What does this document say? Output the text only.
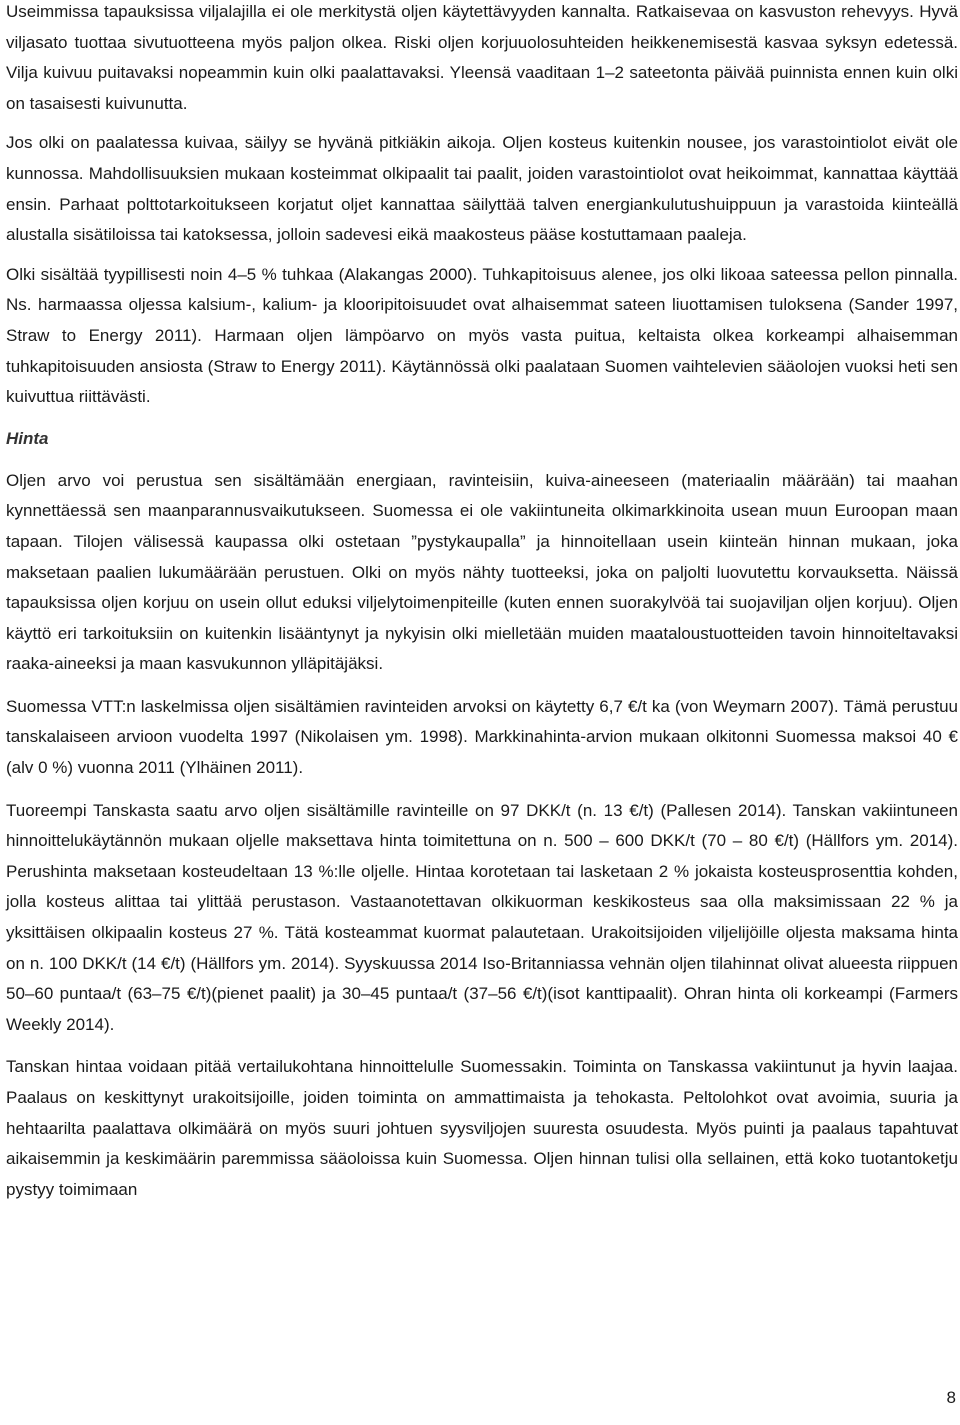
Useimmissa tapauksissa viljalajilla ei ole merkitystä oljen käytettävyyden kannalta. Ratkaisevaa on kasvuston rehevyys. Hyvä viljasato tuottaa sivutuotteena myös paljon olkea. Riski oljen korjuuolosuhteiden heikkenemisestä kasvaa syksyn edetessä. Vilja kuivuu puitavaksi nopeammin kuin olki paalattavaksi. Yleensä vaaditaan 1–2 sateetonta päivää puinnista ennen kuin olki on tasaisesti kuivunutta.

Jos olki on paalatessa kuivaa, säilyy se hyvänä pitkiäkin aikoja. Oljen kosteus kuitenkin nousee, jos varastointiolot eivät ole kunnossa. Mahdollisuuksien mukaan kosteimmat olkipaalit tai paalit, joiden varastointiolot ovat heikoimmat, kannattaa käyttää ensin. Parhaat polttotarkoitukseen korjatut oljet kannattaa säilyttää talven energiankulutushuippuun ja varastoida kiinteällä alustalla sisätiloissa tai katoksessa, jolloin sadevesi eikä maakosteus pääse kostuttamaan paaleja.

Olki sisältää tyypillisesti noin 4–5 % tuhkaa (Alakangas 2000). Tuhkapitoisuus alenee, jos olki likoaa sateessa pellon pinnalla. Ns. harmaassa oljessa kalsium-, kalium- ja klooripitoisuudet ovat alhaisemmat sateen liuottamisen tuloksena (Sander 1997, Straw to Energy 2011). Harmaan oljen lämpöarvo on myös vasta puitua, keltaista olkea korkeampi alhaisemman tuhkapitoisuuden ansiosta (Straw to Energy 2011). Käytännössä olki paalataan Suomen vaihtelevien sääolojen vuoksi heti sen kuivuttua riittävästi.

Hinta

Oljen arvo voi perustua sen sisältämään energiaan, ravinteisiin, kuiva-aineeseen (materiaalin määrään) tai maahan kynnettäessä sen maanparannusvaikutukseen. Suomessa ei ole vakiintuneita olkimarkkinoita usean muun Euroopan maan tapaan. Tilojen välisessä kaupassa olki ostetaan ”pystykaupalla” ja hinnoitellaan usein kiinteän hinnan mukaan, joka maksetaan paalien lukumäärään perustuen. Olki on myös nähty tuotteeksi, joka on paljolti luovutettu korvauksetta. Näissä tapauksissa oljen korjuu on usein ollut eduksi viljelytoimenpiteille (kuten ennen suorakylvöä tai suojaviljan oljen korjuu). Oljen käyttö eri tarkoituksiin on kuitenkin lisääntynyt ja nykyisin olki mielletään muiden maataloustuotteiden tavoin hinnoiteltavaksi raaka-aineeksi ja maan kasvukunnon ylläpitäjäksi.

Suomessa VTT:n laskelmissa oljen sisältämien ravinteiden arvoksi on käytetty 6,7 €/t ka (von Weymarn 2007). Tämä perustuu tanskalaiseen arvioon vuodelta 1997 (Nikolaisen ym. 1998). Markkinahinta-arvion mukaan olkitonni Suomessa maksoi 40 € (alv 0 %) vuonna 2011 (Ylhäinen 2011).

Tuoreempi Tanskasta saatu arvo oljen sisältämille ravinteille on 97 DKK/t (n. 13 €/t) (Pallesen 2014). Tanskan vakiintuneen hinnoittelukäytännön mukaan oljelle maksettava hinta toimitettuna on n. 500 – 600 DKK/t (70 – 80 €/t) (Hällfors ym. 2014). Perushinta maksetaan kosteudeltaan 13 %:lle oljelle. Hintaa korotetaan tai lasketaan 2 % jokaista kosteusprosenttia kohden, jolla kosteus alittaa tai ylittää perustason. Vastaanotettavan olkikuorman keskikosteus saa olla maksimissaan 22 % ja yksittäisen olkipaalin kosteus 27 %. Tätä kosteammat kuormat palautetaan. Urakoitsijoiden viljelijöille oljesta maksama hinta on n. 100 DKK/t (14 €/t) (Hällfors ym. 2014). Syyskuussa 2014 Iso-Britanniassa vehnän oljen tilahinnat olivat alueesta riippuen 50–60 puntaa/t (63–75 €/t)(pienet paalit) ja 30–45 puntaa/t (37–56 €/t)(isot kanttipaalit). Ohran hinta oli korkeampi (Farmers Weekly 2014).

Tanskan hintaa voidaan pitää vertailukohtana hinnoittelulle Suomessakin. Toiminta on Tanskassa vakiintunut ja hyvin laajaa. Paalaus on keskittynyt urakoitsijoille, joiden toiminta on ammattimaista ja tehokasta. Peltolohkot ovat avoimia, suuria ja hehtaarilta paalattava olkimäärä on myös suuri johtuen syysviljojen suuresta osuudesta. Myös puinti ja paalaus tapahtuvat aikaisemmin ja keskimäärin paremmissa sääoloissa kuin Suomessa. Oljen hinnan tulisi olla sellainen, että koko tuotantoketju pystyy toimimaan

8
